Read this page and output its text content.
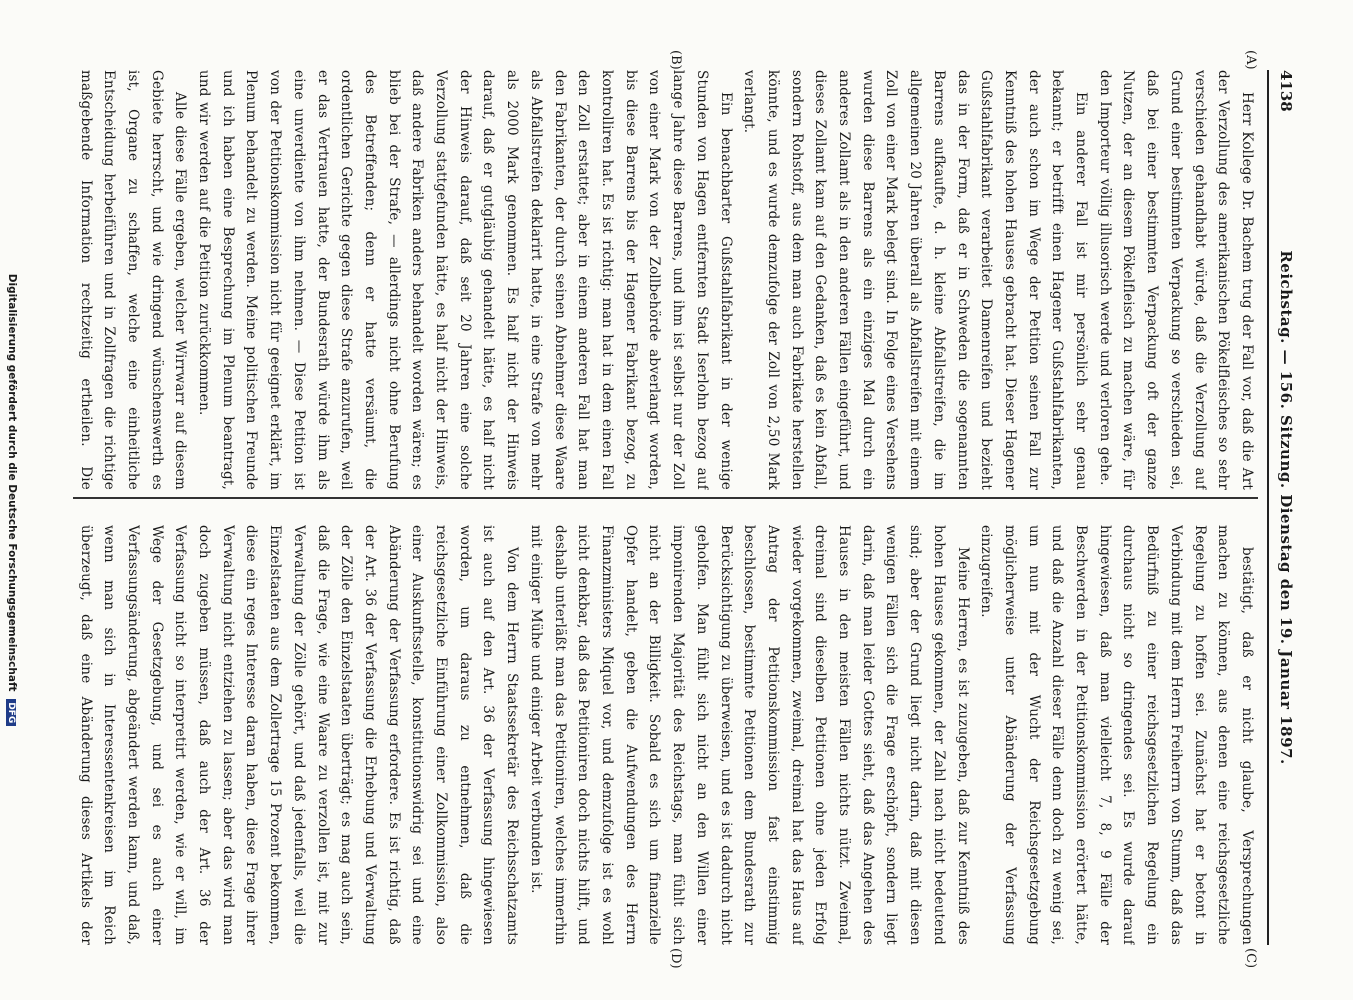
4138
Reichstag. — 156. Sitzung. Dienstag den 19. Januar 1897.
(A)
(B)
(C)
(D)

Herr Kollege Dr. Bachem trug der Fall vor, daß die Art der Verzollung des amerikanischen Pökelfleisches so sehr verschieden gehandhabt würde, daß die Verzollung auf Grund einer bestimmten Verpackung so verschieden sei, daß bei einer bestimmten Verpackung oft der ganze Nutzen, der an diesem Pökelfleisch zu machen wäre, für den Importeur völlig illusorisch werde und verloren gehe.

Ein anderer Fall ist mir persönlich sehr genau bekannt; er betrifft einen Hagener Gußstahlfabrikanten, der auch schon im Wege der Petition seinen Fall zur Kenntniß des hohen Hauses gebracht hat. Dieser Hagener Gußstahlfabrikant verarbeitet Damenreifen und bezieht das in der Form, daß er in Schweden die sogenannten Barrens aufkaufte, d. h. kleine Abfallstreifen, die im allgemeinen 20 Jahren überall als Abfallstreifen mit einem Zoll von einer Mark belegt sind. In Folge eines Versehens wurden diese Barrens als ein einziges Mal durch ein anderes Zollamt als in den anderen Fällen eingeführt, und dieses Zollamt kam auf den Gedanken, daß es kein Abfall, sondern Rohstoff, aus dem man auch Fabrikate herstellen könnte, und es wurde demzufolge der Zoll von 2,50 Mark verlangt.

Ein benachbarter Gußstahlfabrikant in der wenige Stunden von Hagen entfernten Stadt Iserlohn bezog auf lange Jahre diese Barrens, und ihm ist selbst nur der Zoll von einer Mark von der Zollbehörde abverlangt worden, bis diese Barrens bis der Hagener Fabrikant bezog, zu kontrolliren hat. Es ist richtig: man hat in dem einen Fall den Zoll erstattet; aber in einem anderen Fall hat man den Fabrikanten, der durch seinen Abnehmer diese Waare als Abfallstreifen deklarirt hatte, in eine Strafe von mehr als 2000 Mark genommen. Es half nicht der Hinweis darauf, daß er gutgläubig gehandelt hätte, es half nicht der Hinweis darauf, daß seit 20 Jahren eine solche Verzollung stattgefunden hätte, es half nicht der Hinweis, daß andere Fabriken anders behandelt worden wären; es blieb bei der Strafe, — allerdings nicht ohne Berufung des Betreffenden; denn er hatte versäumt, die ordentlichen Gerichte gegen diese Strafe anzurufen, weil er das Vertrauen hatte, der Bundesrath würde ihm als eine unverdiente von ihm nehmen. — Diese Petition ist von der Petitionskommission nicht für geeignet erklärt, im Plenum behandelt zu werden. Meine politischen Freunde und ich haben eine Besprechung im Plenum beantragt, und wir werden auf die Petition zurückkommen.

Alle diese Fälle ergeben, welcher Wirrwarr auf diesem Gebiete herrscht, und wie dringend wünschenswerth es ist, Organe zu schaffen, welche eine einheitliche Entscheidung herbeiführen und in Zollfragen die richtige maßgebende Information rechtzeitig ertheilen. Die

bestätigt, daß er nicht glaube, Versprechungen machen zu können, aus denen eine reichsgesetzliche Regelung zu hoffen sei. Zunächst hat er betont in Verbindung mit dem Herrn Freiherrn von Stumm, daß das Bedürfniß zu einer reichsgesetzlichen Regelung ein durchaus nicht so dringendes sei. Es wurde darauf hingewiesen, daß man vielleicht 7, 8, 9 Fälle der Beschwerden in der Petitionskommission erörtert hätte, und daß die Anzahl dieser Fälle denn doch zu wenig sei, um nun mit der Wucht der Reichsgesetzgebung möglicherweise unter Abänderung der Verfassung einzugreifen.

Meine Herren, es ist zuzugeben, daß zur Kenntniß des hohen Hauses gekommen, der Zahl nach nicht bedeutend sind; aber der Grund liegt nicht darin, daß mit diesen wenigen Fällen sich die Frage erschöpft, sondern liegt darin, daß man leider Gottes sieht, daß das Angehen des Hauses in den meisten Fällen nichts nützt. Zweimal, dreimal sind dieselben Petitionen ohne jeden Erfolg wieder vorgekommen, zweimal, dreimal hat das Haus auf Antrag der Petitionskommission fast einstimmig beschlossen, bestimmte Petitionen dem Bundesrath zur Berücksichtigung zu überweisen, und es ist dadurch nicht geholfen. Man fühlt sich nicht an den Willen einer imponirenden Majorität des Reichstags, man fühlt sich nicht an der Billigkeit. Sobald es sich um finanzielle Opfer handelt, geben die Aufwendungen des Herrn Finanzministers Miquel vor, und demzufolge ist es wohl nicht denkbar, daß das Petitioniren doch nichts hilft, und deshalb unterläßt man das Petitioniren, welches immerhin mit einiger Mühe und einiger Arbeit verbunden ist.

Von dem Herrn Staatssekretär des Reichsschatzamts ist auch auf den Art. 36 der Verfassung hingewiesen worden, um daraus zu entnehmen, daß die reichsgesetzliche Einführung einer Zollkommission, also einer Auskunftsstelle, konstitutionswidrig sei und eine Abänderung der Verfassung erfordere. Es ist richtig, daß der Art. 36 der Verfassung die Erhebung und Verwaltung der Zölle den Einzelstaaten überträgt; es mag auch sein, daß die Frage, wie eine Waare zu verzollen ist, mit zur Verwaltung der Zölle gehört, und daß jedenfalls, weil die Einzelstaaten aus dem Zollertrage 15 Prozent bekommen, diese ein reges Interesse daran haben, diese Frage ihrer Verwaltung nicht entziehen zu lassen; aber das wird man doch zugeben müssen, daß auch der Art. 36 der Verfassung nicht so interpretirt werden, wie er will, im Wege der Gesetzgebung, und sei es auch einer Verfassungsänderung, abgeändert werden kann, und daß, wenn man sich in Interessentenkreisen im Reich überzeugt, daß eine Abänderung dieses Artikels der

Digitalisierung gefördert durch die Deutsche Forschungsgemeinschaft DFG
